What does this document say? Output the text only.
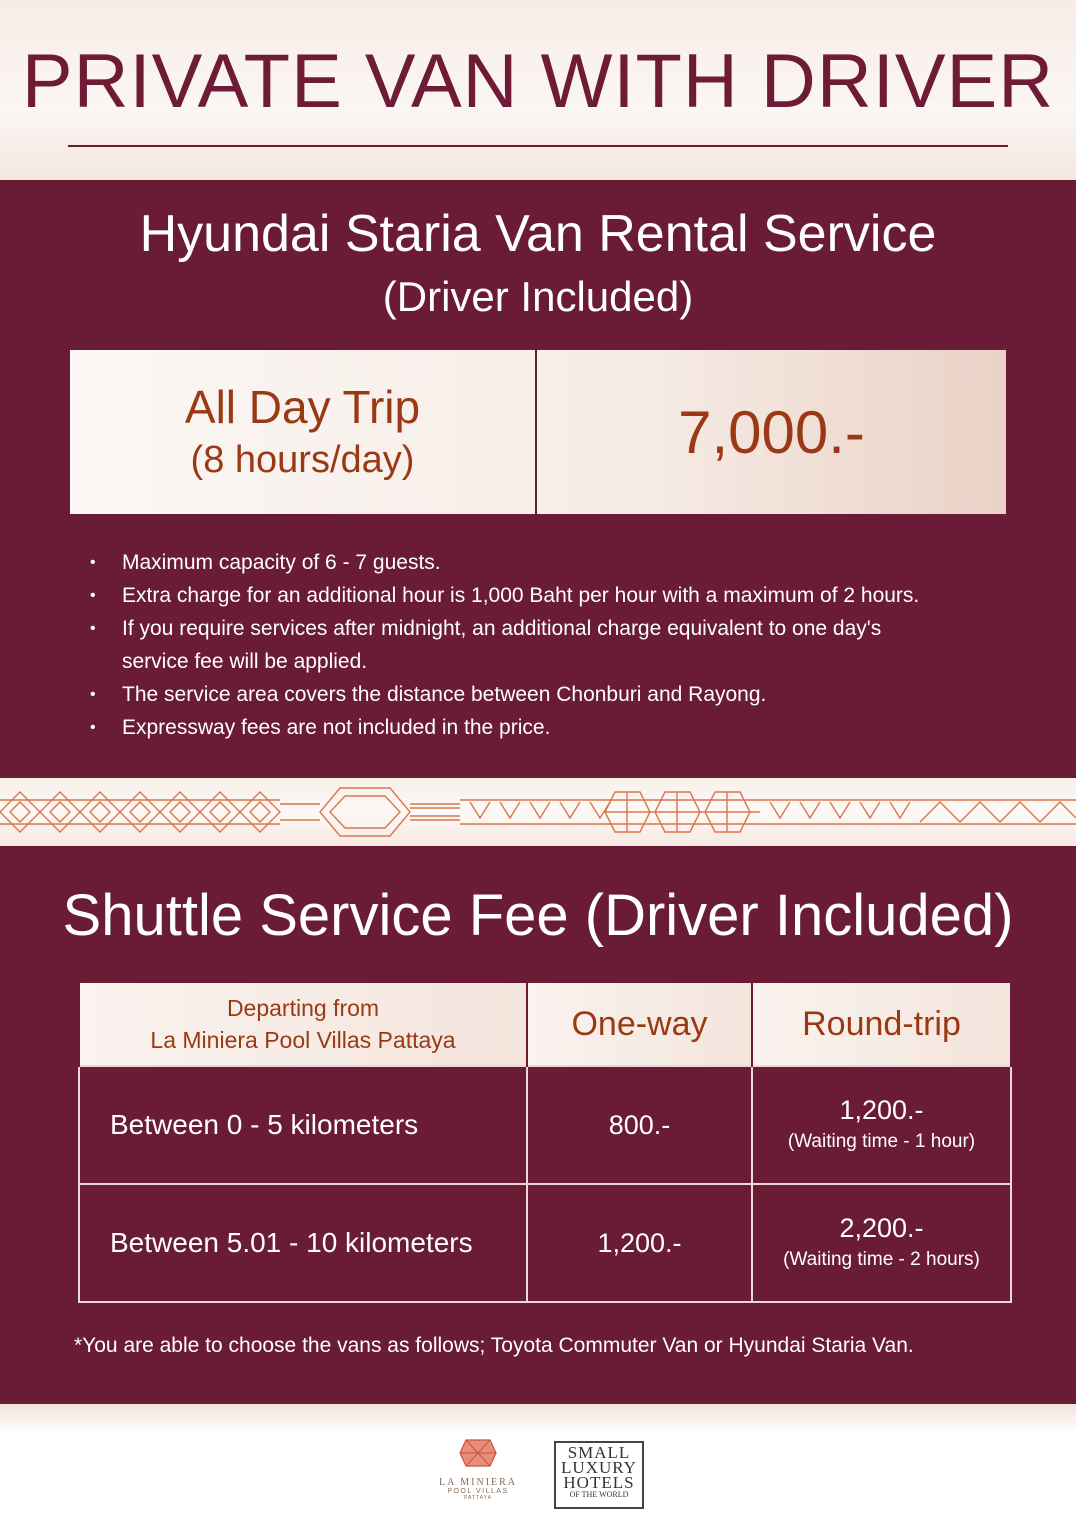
PRIVATE VAN WITH DRIVER
Hyundai Staria Van Rental Service
(Driver Included)
All Day Trip
(8 hours/day)	7,000.-
• Maximum capacity of 6 - 7 guests.
• Extra charge for an additional hour is 1,000 Baht per hour with a maximum of 2 hours.
• If you require services after midnight, an additional charge equivalent to one day's
service fee will be applied.
• The service area covers the distance between Chonburi and Rayong.
• Expressway fees are not included in the price.
Shuttle Service Fee (Driver Included)
Departing from
La Miniera Pool Villas Pattaya	One-way	Round-trip
Between 0 - 5 kilometers	800.-	1,200.-
(Waiting time - 1 hour)

Between 5.01 - 10 kilometers	1,200.-	2,200.-
(Waiting time - 2 hours)
*You are able to choose the vans as follows; Toyota Commuter Van or Hyundai Staria Van.
LA MINIERA
POOL VILLAS
PATTAYA
SMALL
LUXURY
HOTELS
OF THE WORLD
